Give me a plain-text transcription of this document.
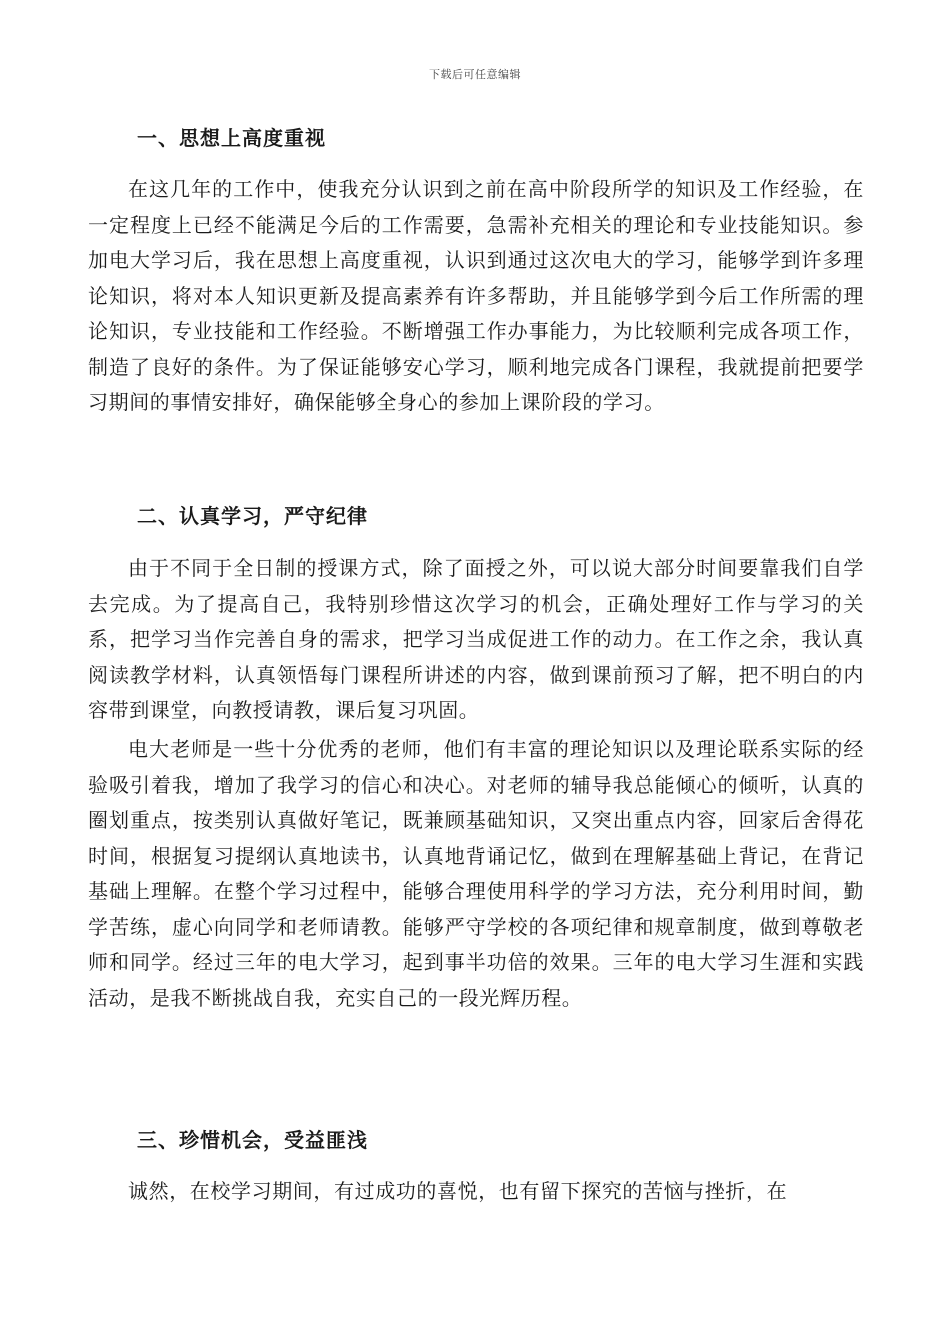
下载后可任意编辑
一、思想上高度重视

在这几年的工作中，使我充分认识到之前在高中阶段所学的知识及工作经验，在一定程度上已经不能满足今后的工作需要，急需补充相关的理论和专业技能知识。参加电大学习后，我在思想上高度重视，认识到通过这次电大的学习，能够学到许多理论知识，将对本人知识更新及提高素养有许多帮助，并且能够学到今后工作所需的理论知识，专业技能和工作经验。不断增强工作办事能力，为比较顺利完成各项工作，制造了良好的条件。为了保证能够安心学习，顺利地完成各门课程，我就提前把要学习期间的事情安排好，确保能够全身心的参加上课阶段的学习。

二、认真学习，严守纪律

由于不同于全日制的授课方式，除了面授之外，可以说大部分时间要靠我们自学去完成。为了提高自己，我特别珍惜这次学习的机会，正确处理好工作与学习的关系，把学习当作完善自身的需求，把学习当成促进工作的动力。在工作之余，我认真阅读教学材料，认真领悟每门课程所讲述的内容，做到课前预习了解，把不明白的内容带到课堂，向教授请教，课后复习巩固。

电大老师是一些十分优秀的老师，他们有丰富的理论知识以及理论联系实际的经验吸引着我，增加了我学习的信心和决心。对老师的辅导我总能倾心的倾听，认真的圈划重点，按类别认真做好笔记，既兼顾基础知识，又突出重点内容，回家后舍得花时间，根据复习提纲认真地读书，认真地背诵记忆，做到在理解基础上背记，在背记基础上理解。在整个学习过程中，能够合理使用科学的学习方法，充分利用时间，勤学苦练，虚心向同学和老师请教。能够严守学校的各项纪律和规章制度，做到尊敬老师和同学。经过三年的电大学习，起到事半功倍的效果。三年的电大学习生涯和实践活动，是我不断挑战自我，充实自己的一段光辉历程。

三、珍惜机会，受益匪浅

诚然，在校学习期间，有过成功的喜悦，也有留下探究的苦恼与挫折，在
